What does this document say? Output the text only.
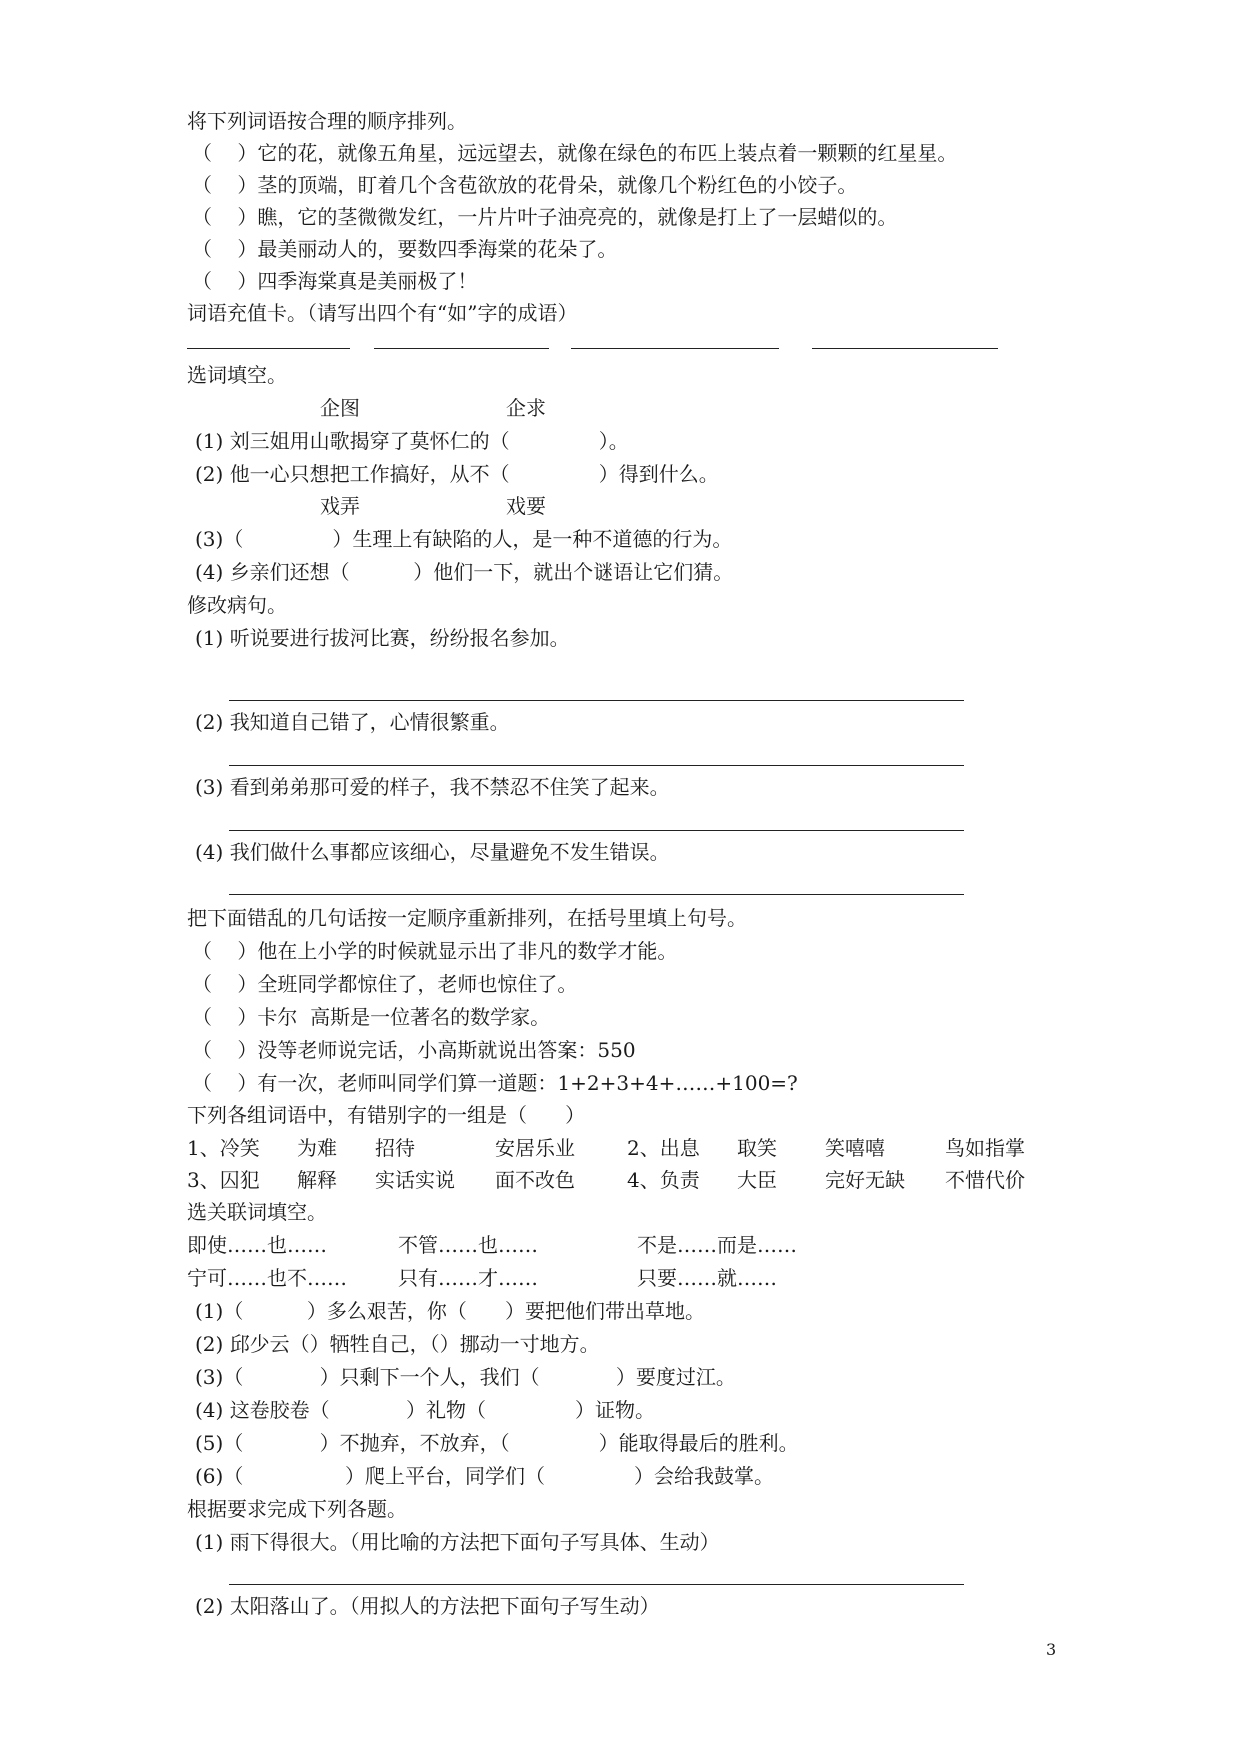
将下列词语按合理的顺序排列。
（    ）它的花，就像五角星，远远望去，就像在绿色的布匹上装点着一颗颗的红星星。
（    ）茎的顶端，盯着几个含苞欲放的花骨朵，就像几个粉红色的小饺子。
（    ）瞧，它的茎微微发红，一片片叶子油亮亮的，就像是打上了一层蜡似的。
（    ）最美丽动人的，要数四季海棠的花朵了。
（    ）四季海棠真是美丽极了！
词语充值卡。（请写出四个有“如”字的成语）
选词填空。
企图	企求
(1) 刘三姐用山歌揭穿了莫怀仁的（              ）。
(2) 他一心只想把工作搞好，从不（              ）得到什么。
戏弄	戏要
(3)（              ）生理上有缺陷的人，是一种不道德的行为。
(4) 乡亲们还想（          ）他们一下，就出个谜语让它们猜。
修改病句。
(1) 听说要进行拔河比赛，纷纷报名参加。
(2) 我知道自己错了，心情很繁重。
(3) 看到弟弟那可爱的样子，我不禁忍不住笑了起来。
(4) 我们做什么事都应该细心，尽量避免不发生错误。
把下面错乱的几句话按一定顺序重新排列，在括号里填上句号。
（    ）他在上小学的时候就显示出了非凡的数学才能。
（    ）全班同学都惊住了，老师也惊住了。
（    ）卡尔  高斯是一位著名的数学家。
（    ）没等老师说完话，小高斯就说出答案：550
（    ）有一次，老师叫同学们算一道题：1+2+3+4+……+100=?
下列各组词语中，有错别字的一组是（      ）
1、冷笑 为难 招待	安居乐业	2、出息 取笑 笑嘻嘻	鸟如指掌
3、囚犯 解释 实话实说 面不改色	4、负责 大臣 完好无缺 不惜代价
选关联词填空。
即使……也……	不管……也……	不是……而是……
宁可……也不……	只有……才……	只要……就……
(1)（          ）多么艰苦，你（      ）要把他们带出草地。
(2) 邱少云（）牺牲自己，（）挪动一寸地方。
(3)（            ）只剩下一个人，我们（            ）要度过江。
(4) 这卷胶卷（            ）礼物（              ）证物。
(5)（            ）不抛弃，不放弃，（              ）能取得最后的胜利。
(6)（                ）爬上平台，同学们（              ）会给我鼓掌。
根据要求完成下列各题。
(1) 雨下得很大。（用比喻的方法把下面句子写具体、生动）
(2) 太阳落山了。（用拟人的方法把下面句子写生动）
3
